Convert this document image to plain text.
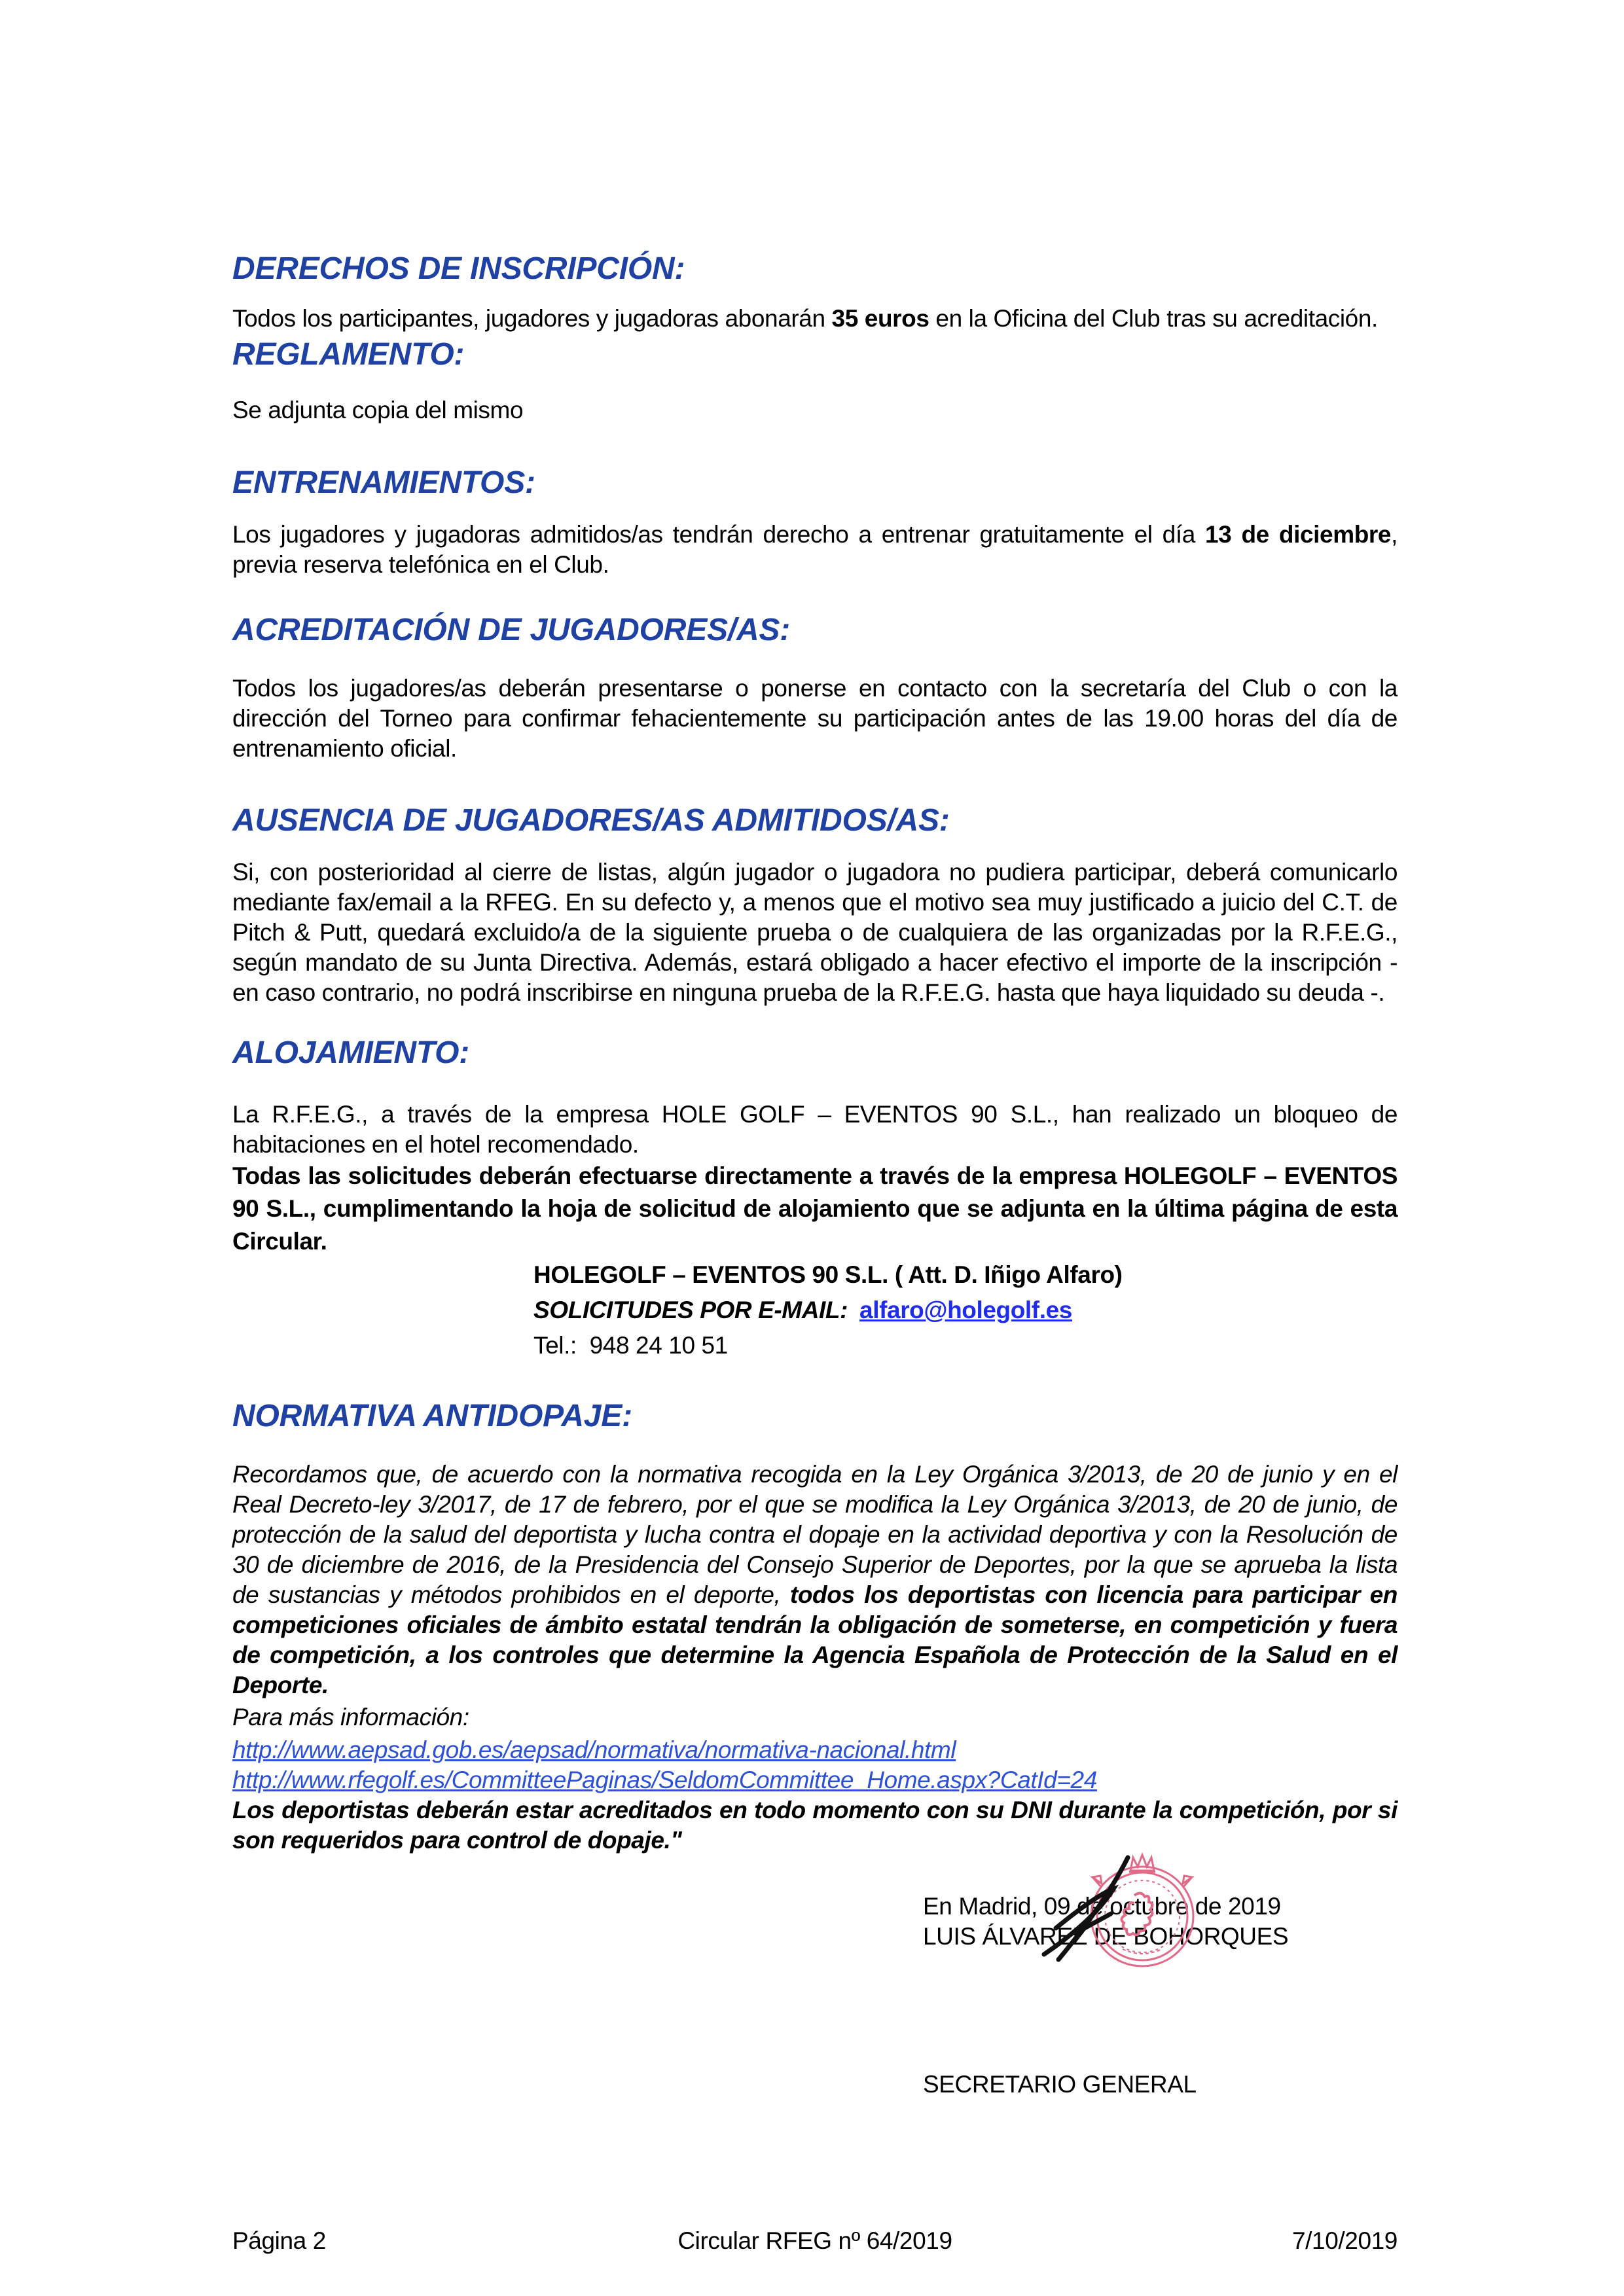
DERECHOS DE INSCRIPCIÓN:

Todos los participantes, jugadores y jugadoras abonarán 35 euros en la Oficina del Club tras su acreditación.

REGLAMENTO:

Se adjunta copia del mismo

ENTRENAMIENTOS:

Los jugadores y jugadoras admitidos/as tendrán derecho a entrenar gratuitamente el día 13 de diciembre, previa reserva telefónica en el Club.

ACREDITACIÓN DE JUGADORES/AS:

Todos los jugadores/as deberán presentarse o ponerse en contacto con la secretaría del Club o con la dirección del Torneo para confirmar fehacientemente su participación antes de las 19.00 horas del día de entrenamiento oficial.

AUSENCIA DE JUGADORES/AS ADMITIDOS/AS:

Si, con posterioridad al cierre de listas, algún jugador o jugadora no pudiera participar, deberá comunicarlo mediante fax/email a la RFEG. En su defecto y, a menos que el motivo sea muy justificado a juicio del C.T. de Pitch & Putt, quedará excluido/a de la siguiente prueba o de cualquiera de las organizadas por la R.F.E.G., según mandato de su Junta Directiva. Además, estará obligado a hacer efectivo el importe de la inscripción - en caso contrario, no podrá inscribirse en ninguna prueba de la R.F.E.G. hasta que haya liquidado su deuda -.

ALOJAMIENTO:

La R.F.E.G., a través de la empresa HOLE GOLF – EVENTOS 90 S.L., han realizado un bloqueo de habitaciones en el hotel recomendado.

Todas las solicitudes deberán efectuarse directamente a través de la empresa HOLEGOLF – EVENTOS 90 S.L., cumplimentando la hoja de solicitud de alojamiento que se adjunta en la última página de esta Circular.

HOLEGOLF – EVENTOS 90 S.L. ( Att. D. Iñigo Alfaro)

SOLICITUDES POR E-MAIL: alfaro@holegolf.es

Tel.:  948 24 10 51

NORMATIVA ANTIDOPAJE:

Recordamos que, de acuerdo con la normativa recogida en la Ley Orgánica 3/2013, de 20 de junio y en el Real Decreto-ley 3/2017, de 17 de febrero, por el que se modifica la Ley Orgánica 3/2013, de 20 de junio, de protección de la salud del deportista y lucha contra el dopaje en la actividad deportiva y con la Resolución de 30 de diciembre de 2016, de la Presidencia del Consejo Superior de Deportes, por la que se aprueba la lista de sustancias y métodos prohibidos en el deporte, todos los deportistas con licencia para participar en competiciones oficiales de ámbito estatal tendrán la obligación de someterse, en competición y fuera de competición, a los controles que determine la Agencia Española de Protección de la Salud en el Deporte.

Para más información:

http://www.aepsad.gob.es/aepsad/normativa/normativa-nacional.html

http://www.rfegolf.es/CommitteePaginas/SeldomCommittee_Home.aspx?CatId=24

Los deportistas deberán estar acreditados en todo momento con su DNI durante la competición, por si son requeridos para control de dopaje."

En Madrid, 09 de octubre de 2019

LUIS ÁLVAREZ DE BOHORQUES

SECRETARIO GENERAL

Página 2	Circular RFEG nº 64/2019	7/10/2019
